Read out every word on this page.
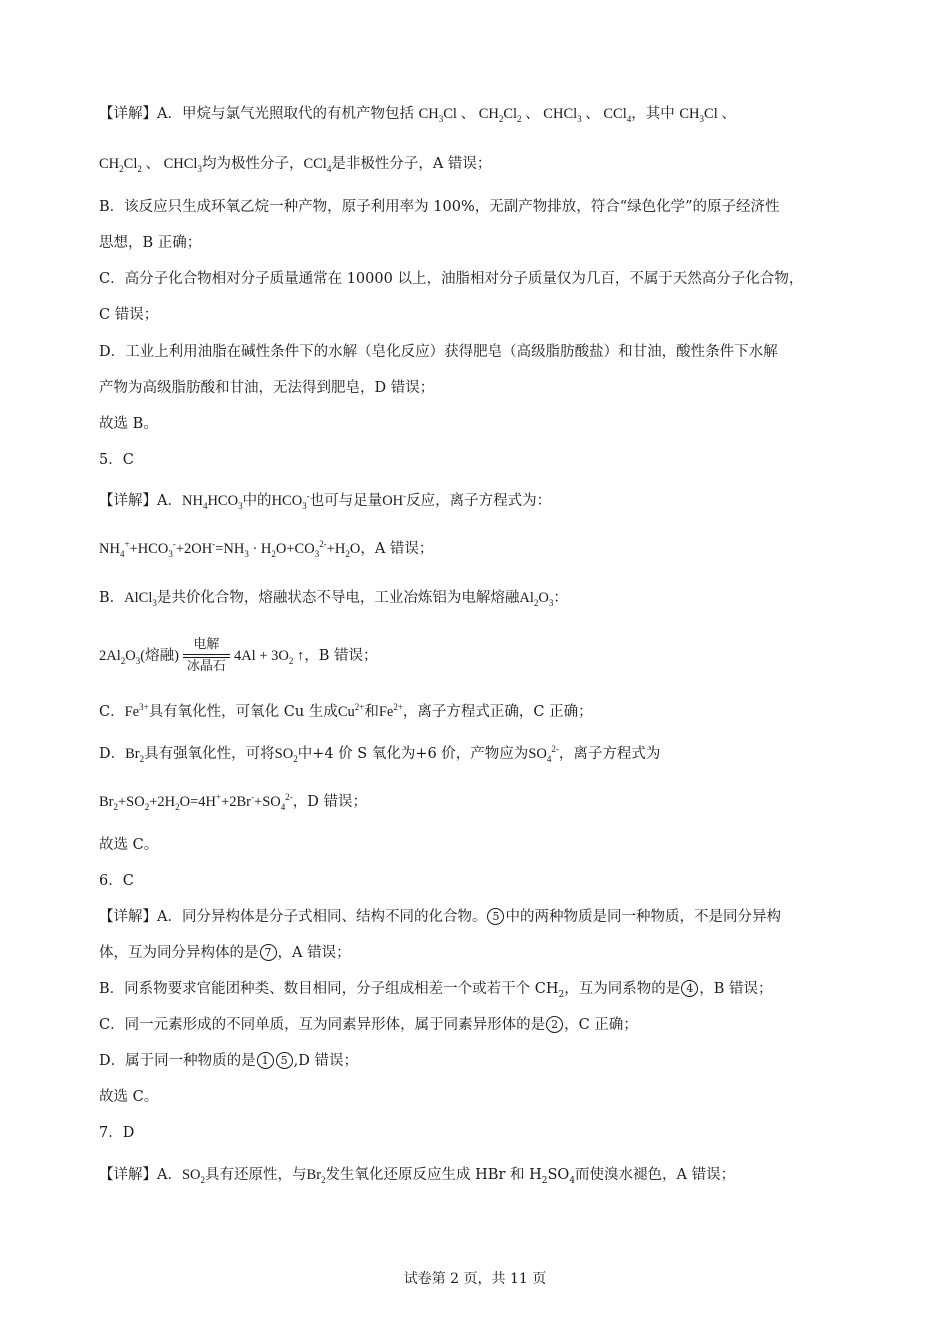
【详解】A．甲烷与氯气光照取代的有机产物包括 $CH_3Cl$ 、 $CH_2Cl_2$ 、 CHCl$_3$ 、 CCl$_4$，其中 $CH_3Cl$ 、
$CH_2Cl_2$ 、 CHCl$_3$均为极性分子，CCl$_4$是非极性分子，A 错误；
B．该反应只生成环氧乙烷一种产物，原子利用率为 100%，无副产物排放，符合“绿色化学”的原子经济性
思想，B 正确；
C．高分子化合物相对分子质量通常在 10000 以上，油脂相对分子质量仅为几百，不属于天然高分子化合物，
C 错误；
D．工业上利用油脂在碱性条件下的水解（皂化反应）获得肥皂（高级脂肪酸盐）和甘油，酸性条件下水解
产物为高级脂肪酸和甘油，无法得到肥皂，D 错误；
故选 B。
5．C
【详解】A．$NH_4HCO_3$中的$HCO_3^-$也可与足量OH-反应，离子方程式为：
$NH_4^++HCO_3^-+2OH^-=NH_3 \cdot H_2O+CO_3^{2-}+H_2O$，A 错误；
B．AlCl$_3$是共价化合物，熔融状态不导电，工业冶炼铝为电解熔融$Al_2O_3$：
$2Al_2O_3$(熔融) $\frac{\text{电解}}{\text{冰晶石}} 4Al + 3O_2$ ↑，B 错误；
C．$Fe^{3+}$具有氧化性，可氧化 Cu 生成$Cu^{2+}$和$Fe^{2+}$，离子方程式正确，C 正确；
D．$Br_2$具有强氧化性，可将$SO_2$中+4 价 S 氧化为+6 价，产物应为$SO_4^{2-}$，离子方程式为
$Br_2+SO_2+2H_2O=4H^++2Br^-+SO_4^{2-}$，D 错误；
故选 C。
6．C
【详解】A．同分异构体是分子式相同、结构不同的化合物。 5 中的两种物质是同一种物质，不是同分异构
体，互为同分异构体的是 7 ，A 错误；
B．同系物要求官能团种类、数目相同，分子组成相差一个或若干个 $CH_2$，互为同系物的是 4 ，B 错误；
C．同一元素形成的不同单质，互为同素异形体，属于同素异形体的是 2 ，C 正确；
D．属于同一种物质的是 1 5 ,D 错误；
故选 C。
7．D
【详解】A．$SO_2$具有还原性，与$Br_2$发生氧化还原反应生成 HBr 和 $H_2SO_4$而使溴水褪色，A 错误；
试卷第 2 页，共 11 页
